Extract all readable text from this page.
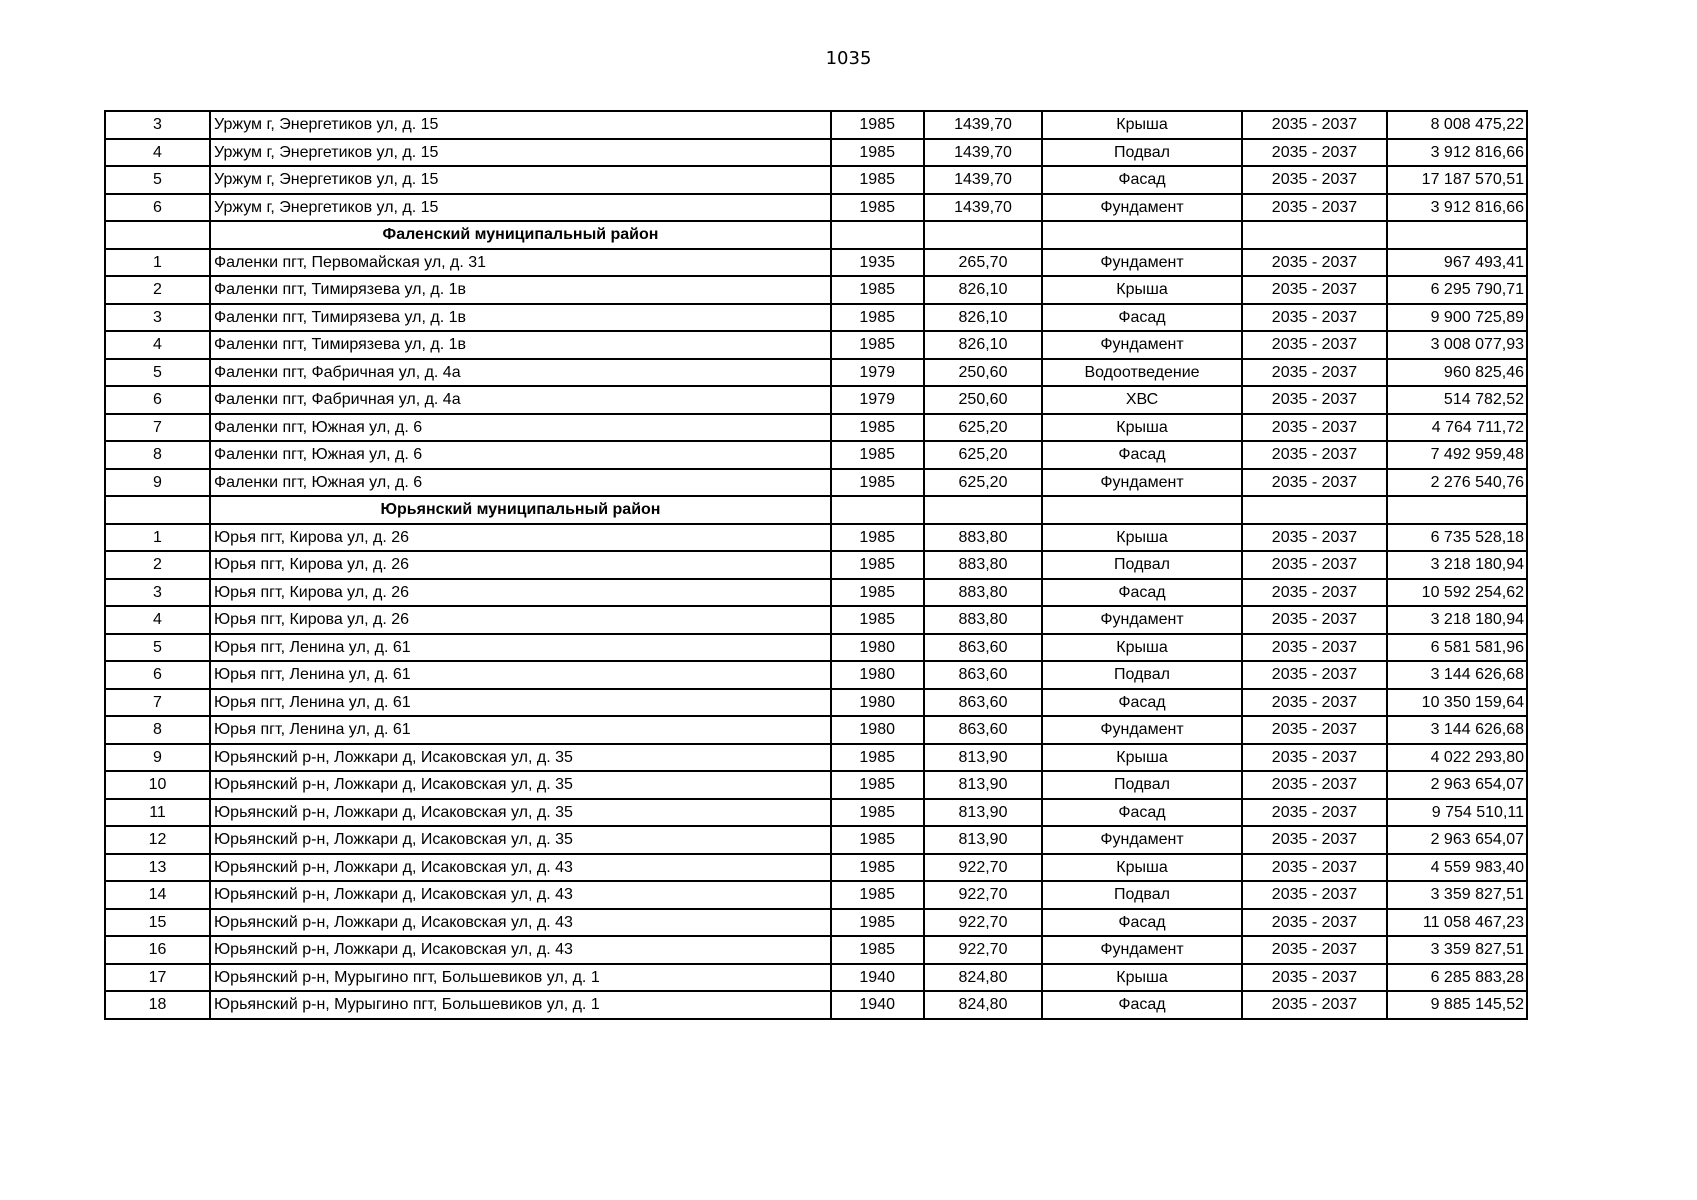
1035
3	Уржум г, Энергетиков ул, д. 15	1985	1439,70	Крыша	2035 - 2037	8 008 475,22
4	Уржум г, Энергетиков ул, д. 15	1985	1439,70	Подвал	2035 - 2037	3 912 816,66
5	Уржум г, Энергетиков ул, д. 15	1985	1439,70	Фасад	2035 - 2037	17 187 570,51
6	Уржум г, Энергетиков ул, д. 15	1985	1439,70	Фундамент	2035 - 2037	3 912 816,66
	Фаленский муниципальный район					
1	Фаленки пгт, Первомайская ул, д. 31	1935	265,70	Фундамент	2035 - 2037	967 493,41
2	Фаленки пгт, Тимирязева ул, д. 1в	1985	826,10	Крыша	2035 - 2037	6 295 790,71
3	Фаленки пгт, Тимирязева ул, д. 1в	1985	826,10	Фасад	2035 - 2037	9 900 725,89
4	Фаленки пгт, Тимирязева ул, д. 1в	1985	826,10	Фундамент	2035 - 2037	3 008 077,93
5	Фаленки пгт, Фабричная ул, д. 4а	1979	250,60	Водоотведение	2035 - 2037	960 825,46
6	Фаленки пгт, Фабричная ул, д. 4а	1979	250,60	ХВС	2035 - 2037	514 782,52
7	Фаленки пгт, Южная ул, д. 6	1985	625,20	Крыша	2035 - 2037	4 764 711,72
8	Фаленки пгт, Южная ул, д. 6	1985	625,20	Фасад	2035 - 2037	7 492 959,48
9	Фаленки пгт, Южная ул, д. 6	1985	625,20	Фундамент	2035 - 2037	2 276 540,76
	Юрьянский муниципальный район					
1	Юрья пгт, Кирова ул, д. 26	1985	883,80	Крыша	2035 - 2037	6 735 528,18
2	Юрья пгт, Кирова ул, д. 26	1985	883,80	Подвал	2035 - 2037	3 218 180,94
3	Юрья пгт, Кирова ул, д. 26	1985	883,80	Фасад	2035 - 2037	10 592 254,62
4	Юрья пгт, Кирова ул, д. 26	1985	883,80	Фундамент	2035 - 2037	3 218 180,94
5	Юрья пгт, Ленина ул, д. 61	1980	863,60	Крыша	2035 - 2037	6 581 581,96
6	Юрья пгт, Ленина ул, д. 61	1980	863,60	Подвал	2035 - 2037	3 144 626,68
7	Юрья пгт, Ленина ул, д. 61	1980	863,60	Фасад	2035 - 2037	10 350 159,64
8	Юрья пгт, Ленина ул, д. 61	1980	863,60	Фундамент	2035 - 2037	3 144 626,68
9	Юрьянский р-н, Ложкари д, Исаковская ул, д. 35	1985	813,90	Крыша	2035 - 2037	4 022 293,80
10	Юрьянский р-н, Ложкари д, Исаковская ул, д. 35	1985	813,90	Подвал	2035 - 2037	2 963 654,07
11	Юрьянский р-н, Ложкари д, Исаковская ул, д. 35	1985	813,90	Фасад	2035 - 2037	9 754 510,11
12	Юрьянский р-н, Ложкари д, Исаковская ул, д. 35	1985	813,90	Фундамент	2035 - 2037	2 963 654,07
13	Юрьянский р-н, Ложкари д, Исаковская ул, д. 43	1985	922,70	Крыша	2035 - 2037	4 559 983,40
14	Юрьянский р-н, Ложкари д, Исаковская ул, д. 43	1985	922,70	Подвал	2035 - 2037	3 359 827,51
15	Юрьянский р-н, Ложкари д, Исаковская ул, д. 43	1985	922,70	Фасад	2035 - 2037	11 058 467,23
16	Юрьянский р-н, Ложкари д, Исаковская ул, д. 43	1985	922,70	Фундамент	2035 - 2037	3 359 827,51
17	Юрьянский р-н, Мурыгино пгт, Большевиков ул, д. 1	1940	824,80	Крыша	2035 - 2037	6 285 883,28
18	Юрьянский р-н, Мурыгино пгт, Большевиков ул, д. 1	1940	824,80	Фасад	2035 - 2037	9 885 145,52
